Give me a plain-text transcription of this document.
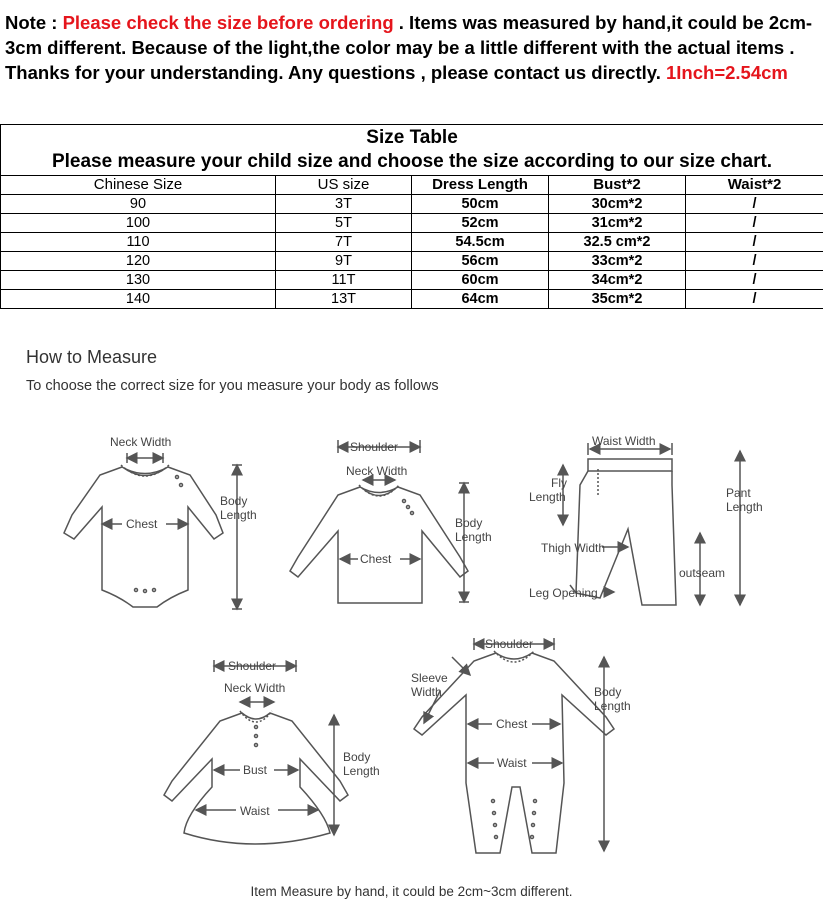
Note : Please check the size before ordering . Items was measured by hand,it could be 2cm-3cm different. Because of the light,the color may be a little different with the actual items . Thanks for your understanding. Any questions , please contact us directly. 1Inch=2.54cm
Size Table
Please measure your child size and choose the size according to our size chart.				

Chinese Size	US size	Dress Length	Bust*2	Waist*2
90	3T	50cm	30cm*2	/
100	5T	52cm	31cm*2	/
110	7T	54.5cm	32.5 cm*2	/
120	9T	56cm	33cm*2	/
130	11T	60cm	34cm*2	/
140	13T	64cm	35cm*2	/
How to Measure
To choose the correct size for you measure your body as follows
Neck Width
Chest
Body
Length
Shoulder
Neck Width
Chest
Body
Length
Waist Width
Fly
Length	Pant
Length
Thigh Width
outseam
Leg Opening
Shoulder
Neck Width
Bust
Waist
Body
Length
Shoulder
Sleeve
Width
Chest
Waist
Body
Length
Item Measure by hand, it could be 2cm~3cm different.
